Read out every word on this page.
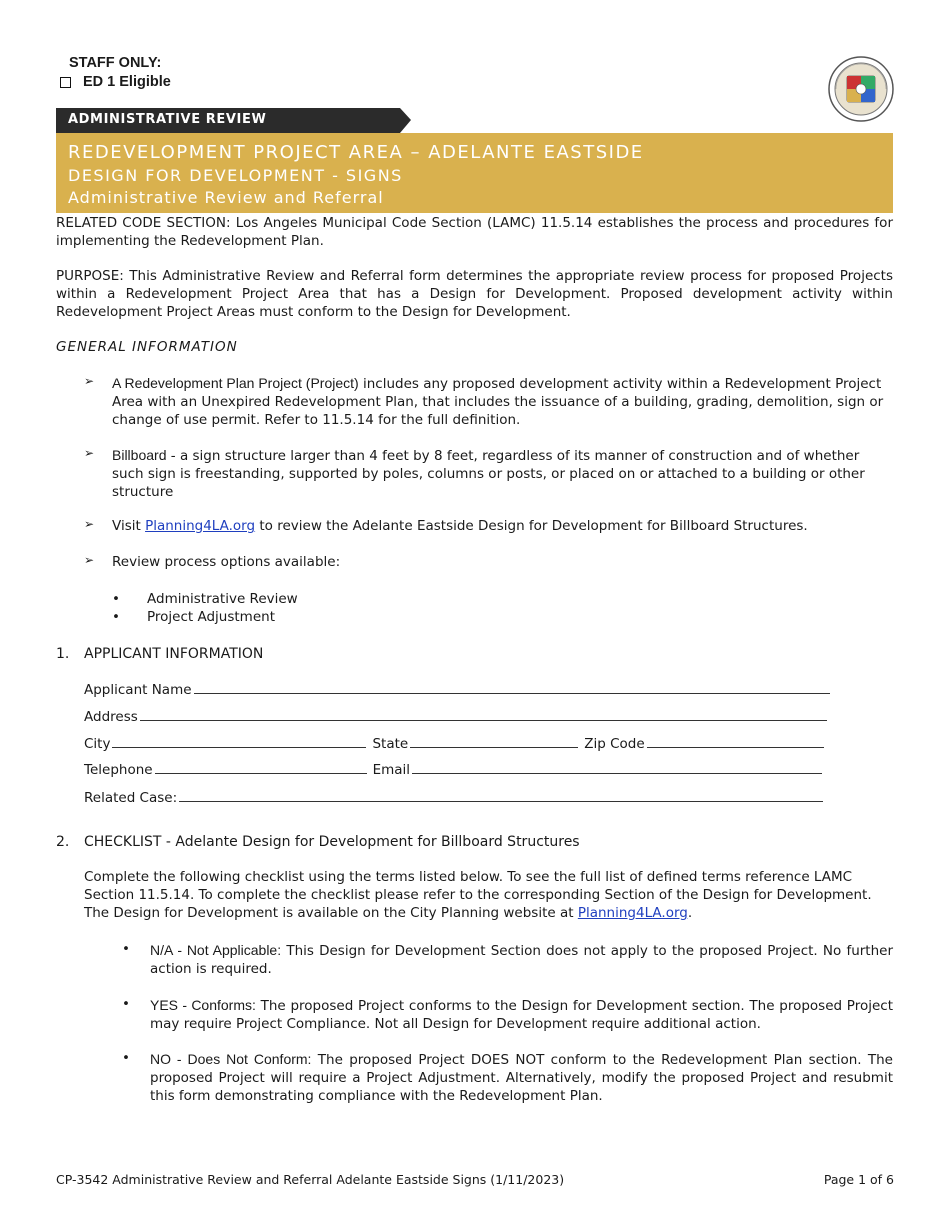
STAFF ONLY:
ED 1 Eligible
ADMINISTRATIVE REVIEW
REDEVELOPMENT PROJECT AREA – ADELANTE EASTSIDE
DESIGN FOR DEVELOPMENT - SIGNS
Administrative Review and Referral

RELATED CODE SECTION: Los Angeles Municipal Code Section (LAMC) 11.5.14 establishes the process and procedures for implementing the Redevelopment Plan.

PURPOSE: This Administrative Review and Referral form determines the appropriate review process for proposed Projects within a Redevelopment Project Area that has a Design for Development. Proposed development activity within Redevelopment Project Areas must conform to the Design for Development.

GENERAL INFORMATION
➢ A Redevelopment Plan Project (Project) includes any proposed development activity within a Redevelopment Project Area with an Unexpired Redevelopment Plan, that includes the issuance of a building, grading, demolition, sign or change of use permit. Refer to 11.5.14 for the full definition.
➢ Billboard - a sign structure larger than 4 feet by 8 feet, regardless of its manner of construction and of whether such sign is freestanding, supported by poles, columns or posts, or placed on or attached to a building or other structure
➢ Visit Planning4LA.org to review the Adelante Eastside Design for Development for Billboard Structures.
➢ Review process options available:
• Administrative Review
• Project Adjustment
1. APPLICANT INFORMATION
Applicant Name
Address
City	State	Zip Code
Telephone	Email
Related Case:
2. CHECKLIST - Adelante Design for Development for Billboard Structures

Complete the following checklist using the terms listed below. To see the full list of defined terms reference LAMC Section 11.5.14. To complete the checklist please refer to the corresponding Section of the Design for Development. The Design for Development is available on the City Planning website at Planning4LA.org.

• N/A - Not Applicable: This Design for Development Section does not apply to the proposed Project. No further action is required.
• YES - Conforms: The proposed Project conforms to the Design for Development section. The proposed Project may require Project Compliance. Not all Design for Development require additional action.
• NO - Does Not Conform: The proposed Project DOES NOT conform to the Redevelopment Plan section. The proposed Project will require a Project Adjustment. Alternatively, modify the proposed Project and resubmit this form demonstrating compliance with the Redevelopment Plan.
CP-3542 Administrative Review and Referral Adelante Eastside Signs (1/11/2023)	Page 1 of 6
